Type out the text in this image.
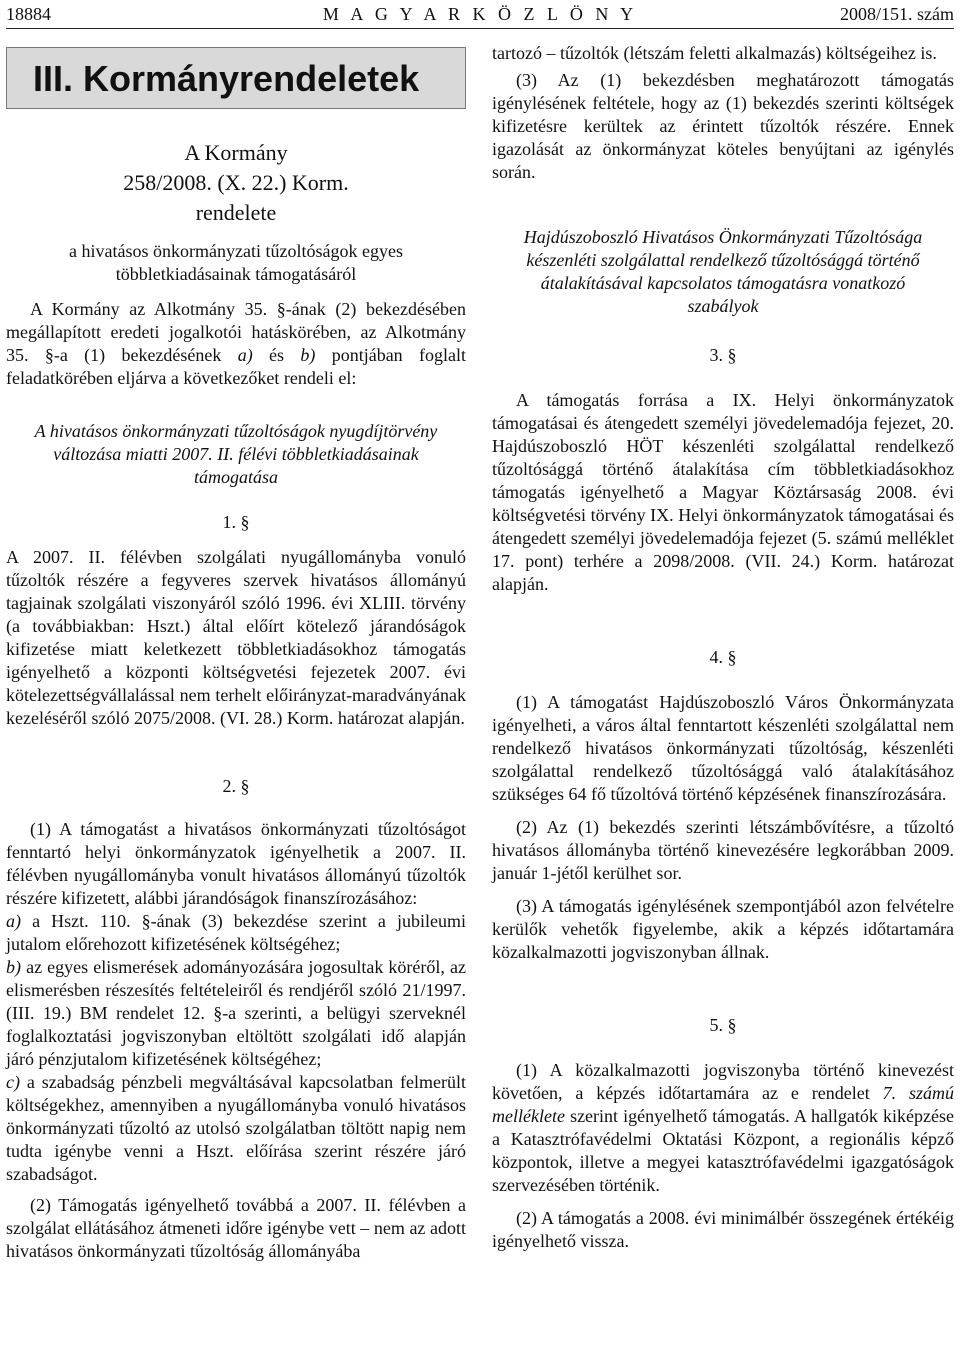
18884	M A G Y A R K Ö Z L Ö N Y	2008/151. szám
III. Kormányrendeletek

A Kormány

258/2008. (X. 22.) Korm.

rendelete

a hivatásos önkormányzati tűzoltóságok egyes

többletkiadásainak támogatásáról

A Kormány az Alkotmány 35. §-ának (2) bekezdésében megállapított eredeti jogalkotói hatáskörében, az Alkotmány 35. §-a (1) bekezdésének a) és b) pontjában foglalt feladatkörében eljárva a következőket rendeli el:

A hivatásos önkormányzati tűzoltóságok nyugdíjtörvény

változása miatti 2007. II. félévi többletkiadásainak

támogatása

1. §

A 2007. II. félévben szolgálati nyugállományba vonuló tűzoltók részére a fegyveres szervek hivatásos állományú tagjainak szolgálati viszonyáról szóló 1996. évi XLIII. törvény (a továbbiakban: Hszt.) által előírt kötelező járandóságok kifizetése miatt keletkezett többletkiadásokhoz támogatás igényelhető a központi költségvetési fejezetek 2007. évi kötelezettségvállalással nem terhelt előirányzat-maradványának kezeléséről szóló 2075/2008. (VI. 28.) Korm. határozat alapján.

2. §

(1) A támogatást a hivatásos önkormányzati tűzoltóságot fenntartó helyi önkormányzatok igényelhetik a 2007. II. félévben nyugállományba vonult hivatásos állományú tűzoltók részére kifizetett, alábbi járandóságok finanszírozásához:

a) a Hszt. 110. §-ának (3) bekezdése szerint a jubileumi jutalom előrehozott kifizetésének költségéhez;

b) az egyes elismerések adományozására jogosultak köréről, az elismerésben részesítés feltételeiről és rendjéről szóló 21/1997. (III. 19.) BM rendelet 12. §-a szerinti, a belügyi szerveknél foglalkoztatási jogviszonyban eltöltött szolgálati idő alapján járó pénzjutalom kifizetésének költségéhez;

c) a szabadság pénzbeli megváltásával kapcsolatban felmerült költségekhez, amennyiben a nyugállományba vonuló hivatásos önkormányzati tűzoltó az utolsó szolgálatban töltött napig nem tudta igénybe venni a Hszt. előírása szerint részére járó szabadságot.

(2) Támogatás igényelhető továbbá a 2007. II. félévben a szolgálat ellátásához átmeneti időre igénybe vett – nem az adott hivatásos önkormányzati tűzoltóság állományába

tartozó – tűzoltók (létszám feletti alkalmazás) költségeihez is.

(3) Az (1) bekezdésben meghatározott támogatás igénylésének feltétele, hogy az (1) bekezdés szerinti költségek kifizetésre kerültek az érintett tűzoltók részére. Ennek igazolását az önkormányzat köteles benyújtani az igénylés során.

Hajdúszoboszló Hivatásos Önkormányzati Tűzoltósága

készenléti szolgálattal rendelkező tűzoltósággá történő

átalakításával kapcsolatos támogatásra vonatkozó

szabályok

3. §

A támogatás forrása a IX. Helyi önkormányzatok támogatásai és átengedett személyi jövedelemadója fejezet, 20. Hajdúszoboszló HÖT készenléti szolgálattal rendelkező tűzoltósággá történő átalakítása cím többletkiadásokhoz támogatás igényelhető a Magyar Köztársaság 2008. évi költségvetési törvény IX. Helyi önkormányzatok támogatásai és átengedett személyi jövedelemadója fejezet (5. számú melléklet 17. pont) terhére a 2098/2008. (VII. 24.) Korm. határozat alapján.

4. §

(1) A támogatást Hajdúszoboszló Város Önkormányzata igényelheti, a város által fenntartott készenléti szolgálattal nem rendelkező hivatásos önkormányzati tűzoltóság, készenléti szolgálattal rendelkező tűzoltósággá való átalakításához szükséges 64 fő tűzoltóvá történő képzésének finanszírozására.

(2) Az (1) bekezdés szerinti létszámbővítésre, a tűzoltó hivatásos állományba történő kinevezésére legkorábban 2009. január 1-jétől kerülhet sor.

(3) A támogatás igénylésének szempontjából azon felvételre kerülők vehetők figyelembe, akik a képzés időtartamára közalkalmazotti jogviszonyban állnak.

5. §

(1) A közalkalmazotti jogviszonyba történő kinevezést követően, a képzés időtartamára az e rendelet 7. számú melléklete szerint igényelhető támogatás. A hallgatók kiképzése a Katasztrófavédelmi Oktatási Központ, a regionális képző központok, illetve a megyei katasztrófavédelmi igazgatóságok szervezésében történik.

(2) A támogatás a 2008. évi minimálbér összegének értékéig igényelhető vissza.
